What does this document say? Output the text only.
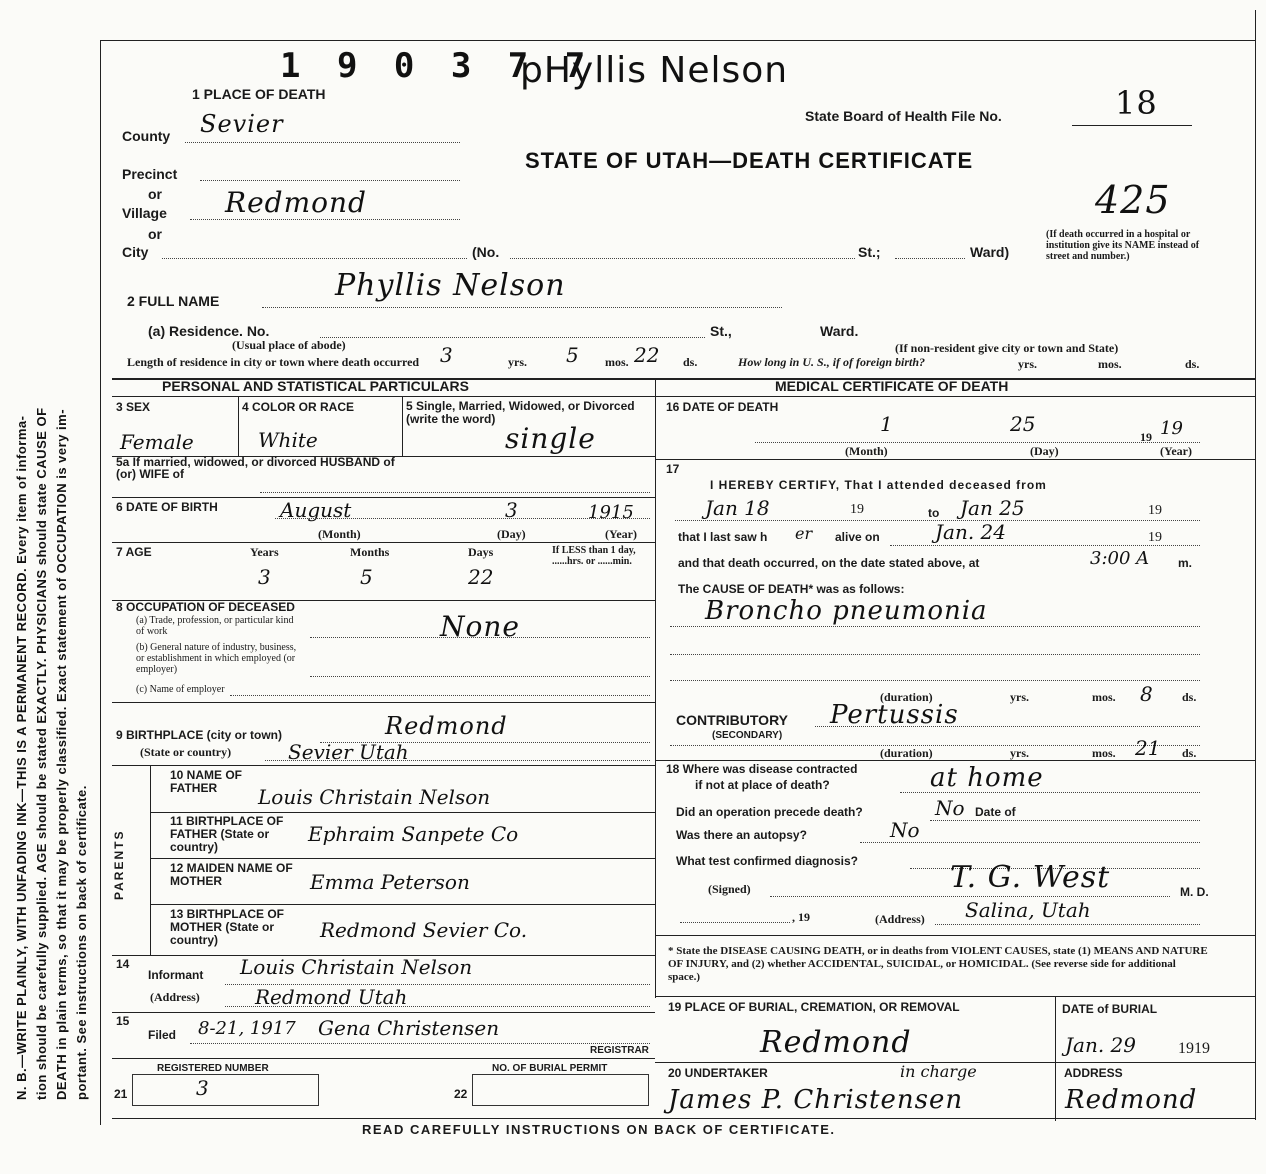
N. B.—WRITE PLAINLY, WITH UNFADING INK—THIS IS A PERMANENT RECORD. Every item of informa- tion should be carefully supplied. AGE should be stated EXACTLY. PHYSICIANS should state CAUSE OF DEATH in plain terms, so that it may be properly classified. Exact statement of OCCUPATION is very im- portant. See instructions on back of certificate.
1 9 0 3 7 7
pHyllis Nelson
1 PLACE OF DEATH
State Board of Health File No.	18
STATE OF UTAH—DEATH CERTIFICATE
425
County Sevier
Precinct
or
Village Redmond
or
City	(No.	St.;	Ward)
(If death occurred in a hospital or institution give its NAME instead of street and number.)
2 FULL NAME	Phyllis Nelson
(a) Residence. No.	St.,	Ward.
(Usual place of abode)	(If non-resident give city or town and State)
Length of residence in city or town where death occurred 3	yrs. 5 mos. 22 ds.	How long in U. S., if of foreign birth?	yrs.	mos.	ds.
PERSONAL AND STATISTICAL PARTICULARS	MEDICAL CERTIFICATE OF DEATH
3 SEX	4 COLOR OR RACE	5 Single, Married, Widowed, or Divorced (write the word)
Female	White	single
5a If married, widowed, or divorced HUSBAND of (or) WIFE of
6 DATE OF BIRTH	August	3	1915
(Month)	(Day)	(Year)
7 AGE	Years	Months	Days	If LESS than 1 day, ......hrs. or ......min.
3	5	22
8 OCCUPATION OF DECEASED
(a) Trade, profession, or particular kind of work
(b) General nature of industry, business, or establishment in which employed (or employer)
(c) Name of employer
None
9 BIRTHPLACE (city or town)	Redmond
(State or country)	Sevier Utah
PARENTS
10 NAME OF FATHER	Louis Christain Nelson
11 BIRTHPLACE OF FATHER (State or country)
Ephraim Sanpete Co
12 MAIDEN NAME OF MOTHER	Emma Peterson
13 BIRTHPLACE OF MOTHER (State or country)	Redmond Sevier Co.
14
Informant Louis Christain Nelson
(Address)	Redmond Utah
15
Filed 8-21, 1917 Gena Christensen
REGISTRAR
REGISTERED NUMBER
21	3
NO. OF BURIAL PERMIT
22
16 DATE OF DEATH
1	25
19 19
(Month)	(Day)	(Year)
17
I HEREBY CERTIFY, That I attended deceased from
Jan 18	19	to Jan 25	19
that I last saw h er alive on	Jan. 24	19
and that death occurred, on the date stated above, at	3:00 A m.
The CAUSE OF DEATH* was as follows:
Broncho pneumonia
(duration)	yrs.	mos. 8 ds.
CONTRIBUTORY Pertussis
(SECONDARY)
(duration)	yrs.	mos. 21 ds.
18 Where was disease contracted
if not at place of death?	at home
Did an operation precede death?	No Date of
Was there an autopsy?	No
What test confirmed diagnosis?
(Signed)	T. G. West	M. D.
, 19	(Address) Salina, Utah
* State the DISEASE CAUSING DEATH, or in deaths from VIOLENT CAUSES, state (1) MEANS AND NATURE OF INJURY, and (2) whether ACCIDENTAL, SUICIDAL, or HOMICIDAL. (See reverse side for additional space.)
19 PLACE OF BURIAL, CREMATION, OR REMOVAL
Redmond
DATE of BURIAL
Jan. 29	1919
20 UNDERTAKER	in charge
James P. Christensen
ADDRESS
Redmond
READ CAREFULLY INSTRUCTIONS ON BACK OF CERTIFICATE.
